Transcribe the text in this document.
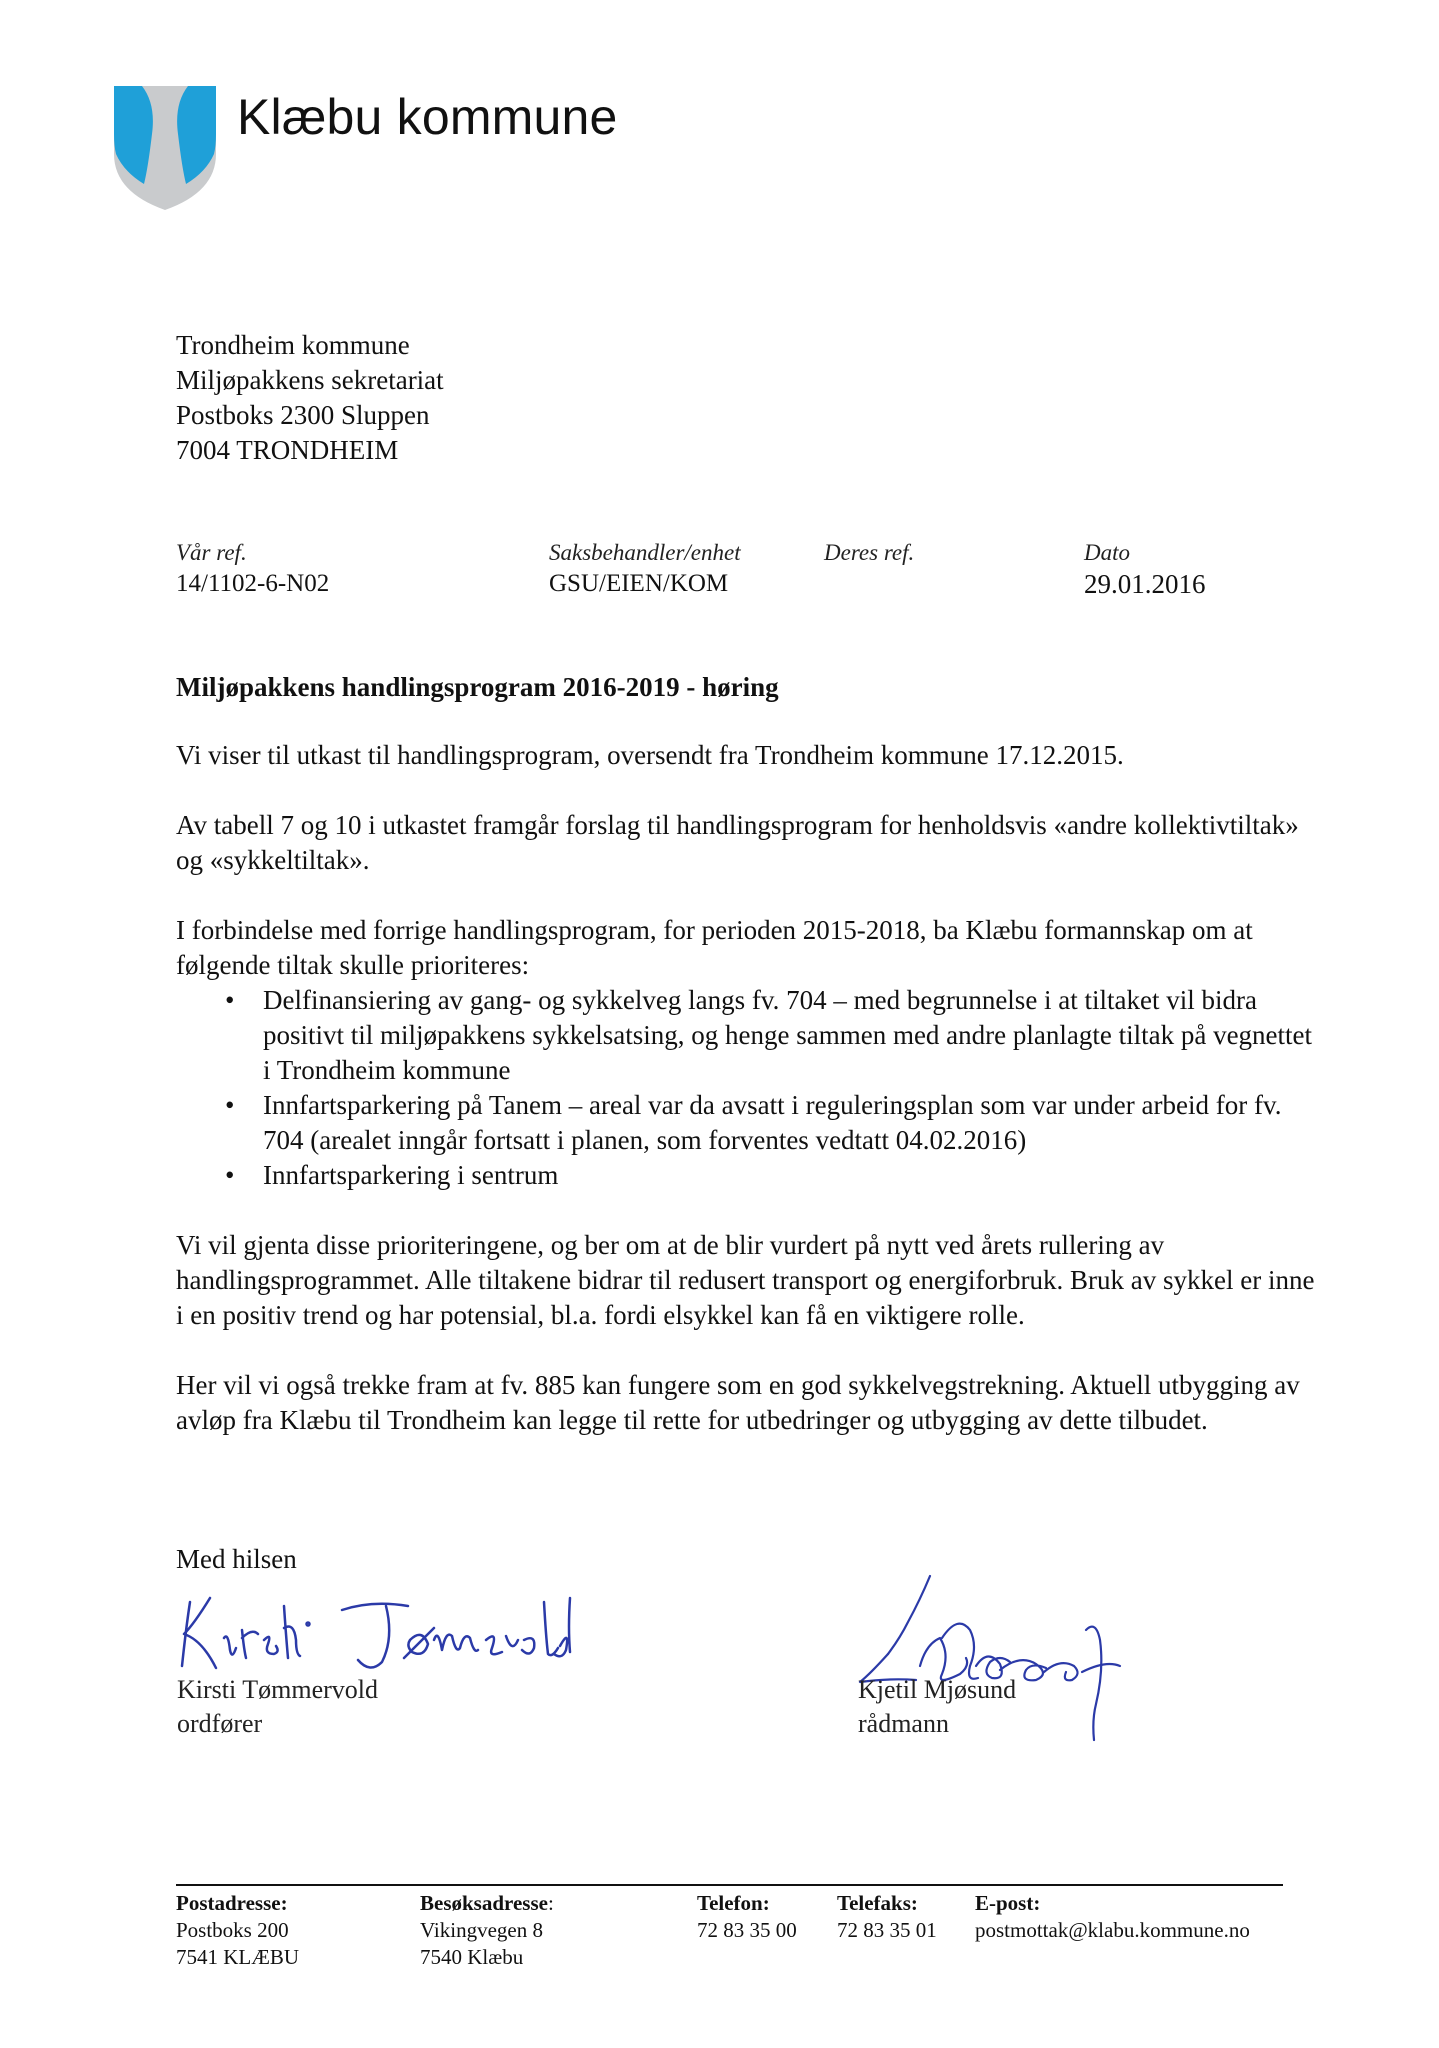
Klæbu kommune
Trondheim kommune
Miljøpakkens sekretariat
Postboks 2300 Sluppen
7004 TRONDHEIM
Vår ref.
14/1102-6-N02
Saksbehandler/enhet
GSU/EIEN/KOM
Deres ref.	Dato
29.01.2016
Miljøpakkens handlingsprogram 2016-2019 - høring

Vi viser til utkast til handlingsprogram, oversendt fra Trondheim kommune 17.12.2015.

Av tabell 7 og 10 i utkastet framgår forslag til handlingsprogram for henholdsvis «andre kollektivtiltak» og «sykkeltiltak».

I forbindelse med forrige handlingsprogram, for perioden 2015-2018, ba Klæbu formannskap om at følgende tiltak skulle prioriteres:

• Delfinansiering av gang- og sykkelveg langs fv. 704 – med begrunnelse i at tiltaket vil bidra positivt til miljøpakkens sykkelsatsing, og henge sammen med andre planlagte tiltak på vegnettet i Trondheim kommune
• Innfartsparkering på Tanem – areal var da avsatt i reguleringsplan som var under arbeid for fv. 704 (arealet inngår fortsatt i planen, som forventes vedtatt 04.02.2016)
• Innfartsparkering i sentrum

Vi vil gjenta disse prioriteringene, og ber om at de blir vurdert på nytt ved årets rullering av handlingsprogrammet. Alle tiltakene bidrar til redusert transport og energiforbruk. Bruk av sykkel er inne i en positiv trend og har potensial, bl.a. fordi elsykkel kan få en viktigere rolle.

Her vil vi også trekke fram at fv. 885 kan fungere som en god sykkelvegstrekning. Aktuell utbygging av avløp fra Klæbu til Trondheim kan legge til rette for utbedringer og utbygging av dette tilbudet.

Med hilsen
Kirsti Tømmervold
ordfører
Kjetil Mjøsund
rådmann
Postadresse:
Postboks 200
7541 KLÆBU
Besøksadresse:
Vikingvegen 8
7540 Klæbu
Telefon:
72 83 35 00
Telefaks:
72 83 35 01
E-post:
postmottak@klabu.kommune.no
